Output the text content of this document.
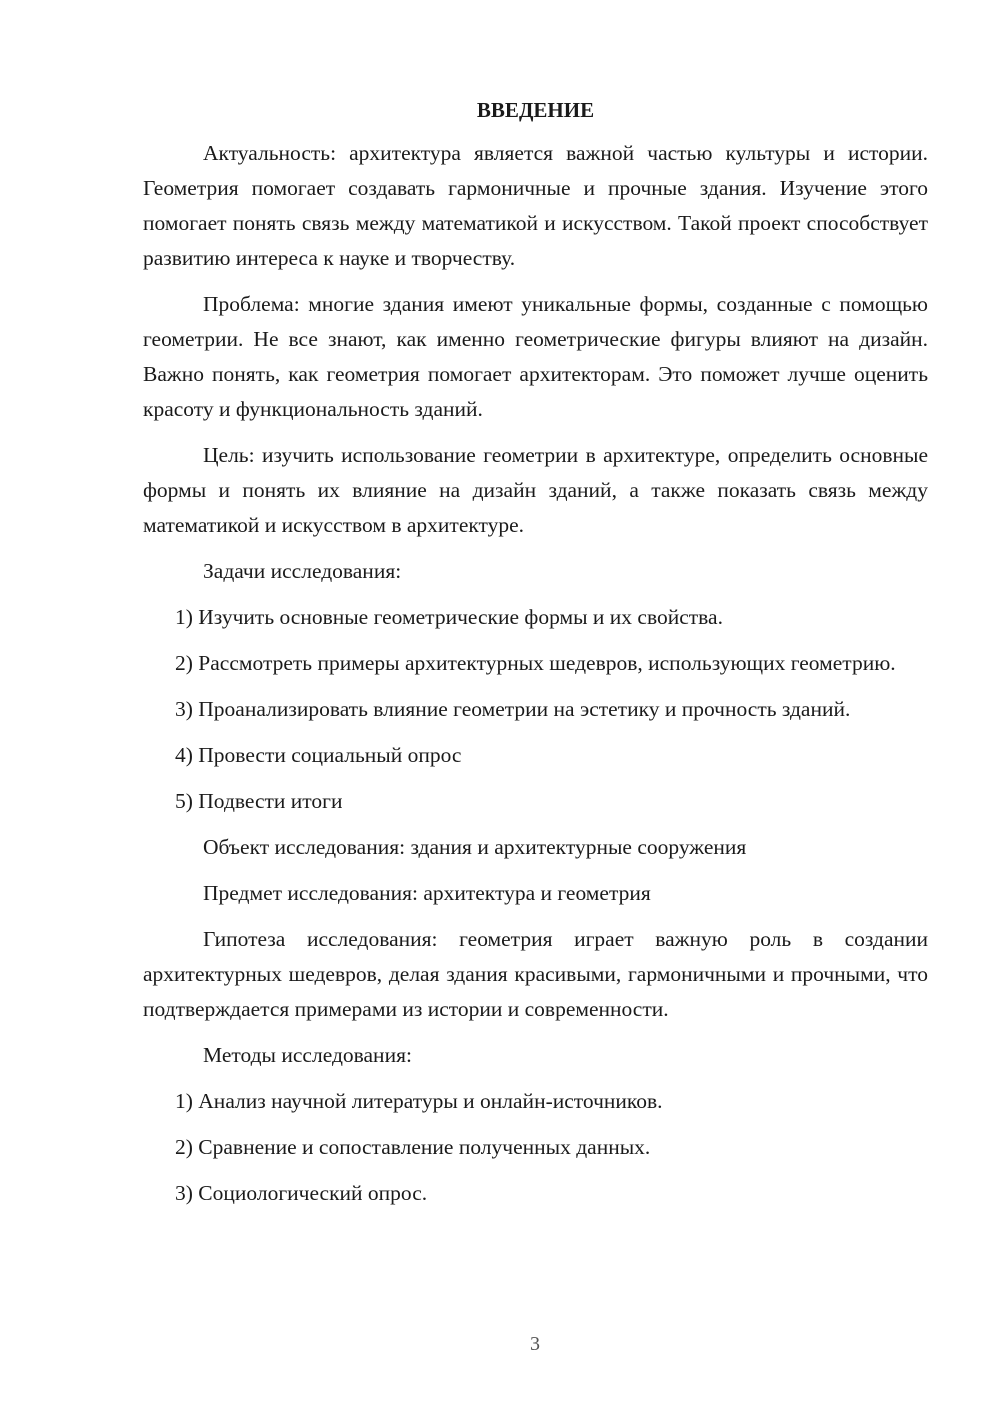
ВВЕДЕНИЕ

Актуальность: архитектура является важной частью культуры и истории. Геометрия помогает создавать гармоничные и прочные здания. Изучение этого помогает понять связь между математикой и искусством. Такой проект способствует развитию интереса к науке и творчеству.

Проблема: многие здания имеют уникальные формы, созданные с помощью геометрии. Не все знают, как именно геометрические фигуры влияют на дизайн. Важно понять, как геометрия помогает архитекторам. Это поможет лучше оценить красоту и функциональность зданий.

Цель: изучить использование геометрии в архитектуре, определить основные формы и понять их влияние на дизайн зданий, а также показать связь между математикой и искусством в архитектуре.

Задачи исследования:

1) Изучить основные геометрические формы и их свойства.

2) Рассмотреть примеры архитектурных шедевров, использующих геометрию.

3) Проанализировать влияние геометрии на эстетику и прочность зданий.

4) Провести социальный опрос

5) Подвести итоги

Объект исследования: здания и архитектурные сооружения

Предмет исследования: архитектура и геометрия

Гипотеза исследования: геометрия играет важную роль в создании архитектурных шедевров, делая здания красивыми, гармоничными и прочными, что подтверждается примерами из истории и современности.

Методы исследования:

1) Анализ научной литературы и онлайн-источников.

2) Сравнение и сопоставление полученных данных.

3) Социологический опрос.

3
